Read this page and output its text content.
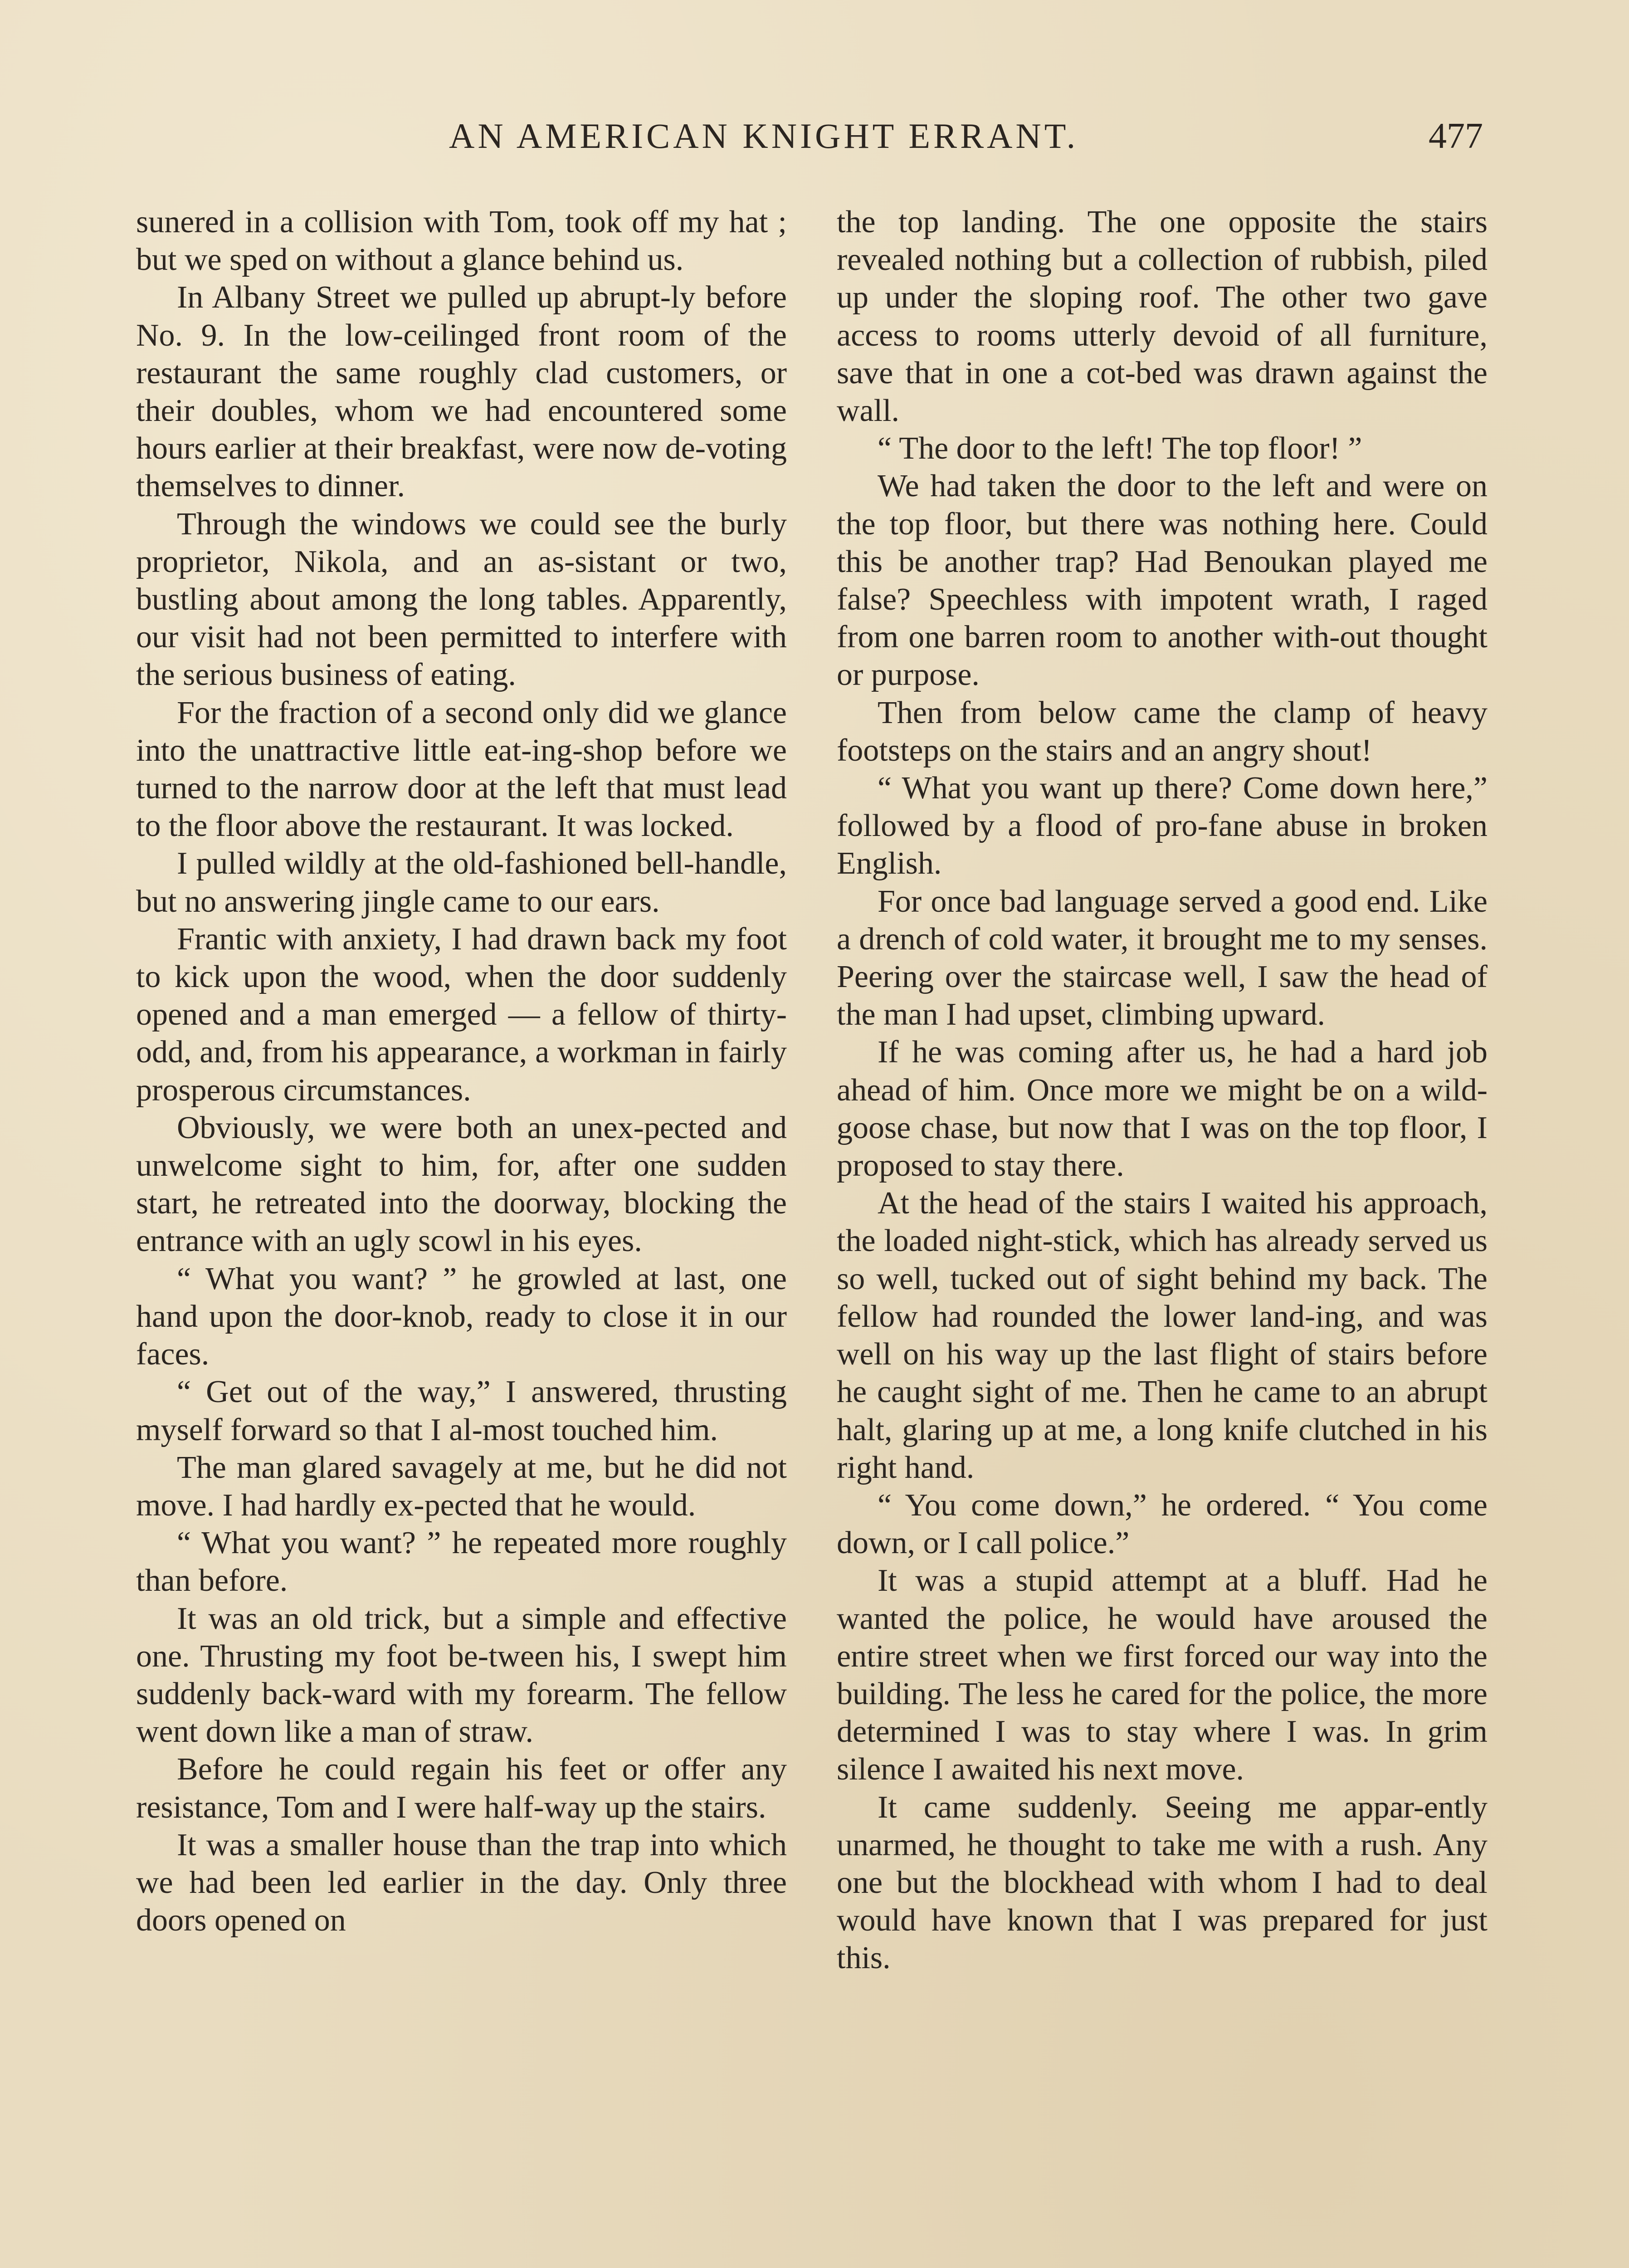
AN AMERICAN KNIGHT ERRANT.	477

sunered in a collision with Tom, took off my hat ; but we sped on without a glance behind us.

In Albany Street we pulled up abrupt-ly before No. 9. In the low-ceilinged front room of the restaurant the same roughly clad customers, or their doubles, whom we had encountered some hours earlier at their breakfast, were now de-voting themselves to dinner.

Through the windows we could see the burly proprietor, Nikola, and an as-sistant or two, bustling about among the long tables. Apparently, our visit had not been permitted to interfere with the serious business of eating.

For the fraction of a second only did we glance into the unattractive little eat-ing-shop before we turned to the narrow door at the left that must lead to the floor above the restaurant. It was locked.

I pulled wildly at the old-fashioned bell-handle, but no answering jingle came to our ears.

Frantic with anxiety, I had drawn back my foot to kick upon the wood, when the door suddenly opened and a man emerged — a fellow of thirty-odd, and, from his appearance, a workman in fairly prosperous circumstances.

Obviously, we were both an unex-pected and unwelcome sight to him, for, after one sudden start, he retreated into the doorway, blocking the entrance with an ugly scowl in his eyes.

“ What you want? ” he growled at last, one hand upon the door-knob, ready to close it in our faces.

“ Get out of the way,” I answered, thrusting myself forward so that I al-most touched him.

The man glared savagely at me, but he did not move. I had hardly ex-pected that he would.

“ What you want? ” he repeated more roughly than before.

It was an old trick, but a simple and effective one. Thrusting my foot be-tween his, I swept him suddenly back-ward with my forearm. The fellow went down like a man of straw.

Before he could regain his feet or offer any resistance, Tom and I were half-way up the stairs.

It was a smaller house than the trap into which we had been led earlier in the day. Only three doors opened on

the top landing. The one opposite the stairs revealed nothing but a collection of rubbish, piled up under the sloping roof. The other two gave access to rooms utterly devoid of all furniture, save that in one a cot-bed was drawn against the wall.

“ The door to the left! The top floor! ”

We had taken the door to the left and were on the top floor, but there was nothing here. Could this be another trap? Had Benoukan played me false? Speechless with impotent wrath, I raged from one barren room to another with-out thought or purpose.

Then from below came the clamp of heavy footsteps on the stairs and an angry shout!

“ What you want up there? Come down here,” followed by a flood of pro-fane abuse in broken English.

For once bad language served a good end. Like a drench of cold water, it brought me to my senses. Peering over the staircase well, I saw the head of the man I had upset, climbing upward.

If he was coming after us, he had a hard job ahead of him. Once more we might be on a wild-goose chase, but now that I was on the top floor, I proposed to stay there.

At the head of the stairs I waited his approach, the loaded night-stick, which has already served us so well, tucked out of sight behind my back. The fellow had rounded the lower land-ing, and was well on his way up the last flight of stairs before he caught sight of me. Then he came to an abrupt halt, glaring up at me, a long knife clutched in his right hand.

“ You come down,” he ordered. “ You come down, or I call police.”

It was a stupid attempt at a bluff. Had he wanted the police, he would have aroused the entire street when we first forced our way into the building. The less he cared for the police, the more determined I was to stay where I was. In grim silence I awaited his next move.

It came suddenly. Seeing me appar-ently unarmed, he thought to take me with a rush. Any one but the blockhead with whom I had to deal would have known that I was prepared for just this.
